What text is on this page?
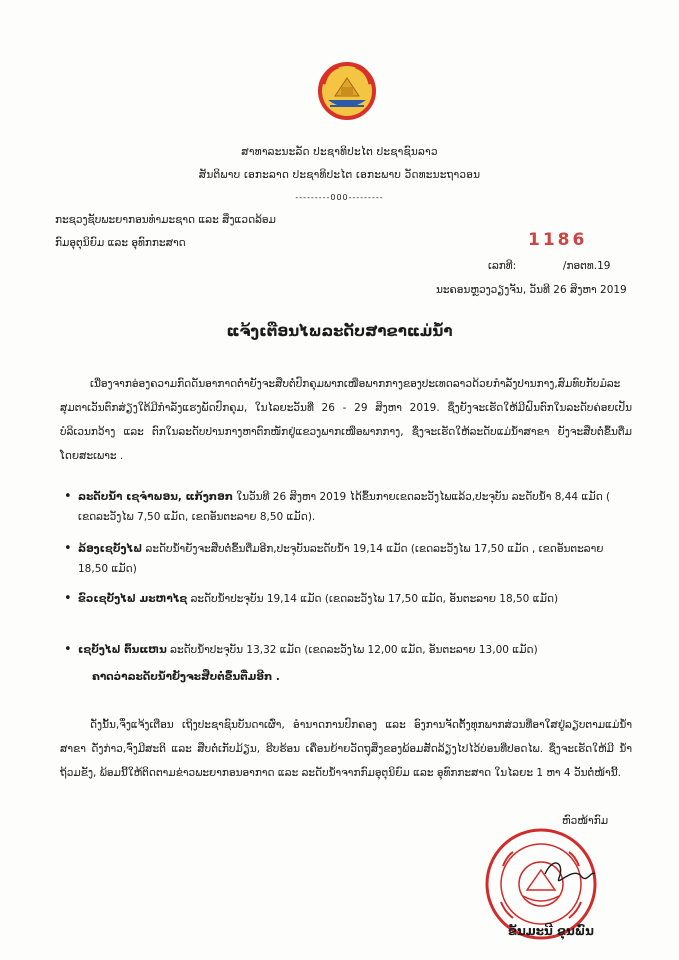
ສາທາລະນະລັດ ປະຊາທິປະໄຕ ປະຊາຊົນລາວ
ສັນຕິພາບ ເອກະລາດ ປະຊາທິປະໄຕ ເອກະພາບ ວັດທະນະຖາວອນ
---------000---------
ກະຊວງຊັບພະຍາກອນທຳມະຊາດ ແລະ ສິ່ງແວດລ້ອມ
ກົມອຸຕຸນິຍົມ ແລະ ອຸທົກກະສາດ	1186
ເລກທີ:	/ກອຕທ.19
ນະຄອນຫຼວງວຽງຈັນ, ວັນທີ 26 ສິງຫາ 2019
ແຈ້ງເຕືອນໄພລະດັບສາຂາແມ່ນໍ້າ
ເນື່ອງຈາກອ່ອງຄວາມກົດດັນອາກາດຕ່ຳຍັງຈະສືບຕໍ່ປົກຄຸມພາກເໜືອພາກກາງຂອງປະເທດລາວດ້ວຍກຳລັງປານກາງ,ສົມທົບກັບມໍລະສຸມຕາເວັນຕົກສ່ຽງໃຕ້ມີກຳລັງແຮງພັດປົກຄຸມ, ໃນໄລຍະວັນທີ່ 26 - 29 ສິງຫາ 2019. ຊຶ່ງຍັງຈະເຮັດໃຫ້ມີຝົນຕົກໃນລະດັບຄ່ອຍເປັນບໍລິເວນກວ້າງ ແລະ ຕົກໃນລະດັບປານກາງຫາຕົກໜັກຢູ່ແຂວງພາກເໜືອພາກກາງ, ຊຶ່ງຈະເຮັດໃຫ້ລະດັບແມ່ນໍ້າສາຂາ ຍັງຈະສືບຕໍ່ຂຶ້ນຕື່ມ ໂດຍສະເພາະ .
• ລະດັບນໍ້າ ເຊຈຳພອນ, ແກ້ງກອກ ໃນວັນທີ 26 ສິງຫາ 2019 ໄດ້ຂຶ້ນກາຍເຂດລະວັງໄພແລ້ວ,ປະຈຸບັນ ລະດັບນໍ້າ 8,44 ແມັດ ( ເຂດລະວັງໄພ 7,50 ແມັດ, ເຂດອັນຕະລາຍ 8,50 ແມັດ).
• ລ້ອງເຊບັ້ງໄຟ ລະດັບນໍ້າຍັງຈະສືບຕໍ່ຂຶ້ນຕື່ມອີກ,ປະຈຸບັນລະດັບນໍ້າ 19,14 ແມັດ (ເຂດລະວັງໄພ 17,50 ແມັດ , ເຂດອັນຕະລາຍ 18,50 ແມັດ)
• ຂົວເຊບັ້ງໄຟ ມະຫາໄຊ ລະດັບນໍ້າປະຈຸບັນ 19,14 ແມັດ (ເຂດລະວັງໄພ 17,50 ແມັດ, ອັນຕະລາຍ 18,50 ແມັດ)
• ເຊບັ້ງໄຟ ຕົ້ນແຫນ ລະດັບນໍ້າປະຈຸບັນ 13,32 ແມັດ (ເຂດລະວັງໄພ 12,00 ແມັດ, ອັນຕະລາຍ 13,00 ແມັດ)
ຄາດວ່າລະດັບນໍ້າຍັງຈະສືບຕໍ່ຂຶ້ນຕື່ມອີກ .
ດັ່ງນັ້ນ,ຈຶ່ງແຈ້ງເຕືອນ ເຖິງປະຊາຊົນບັນດາເຜົ່າ, ອຳນາດການປົກຄອງ ແລະ ອົງການຈັດຕັ້ງທຸກພາກສ່ວນທີ່ອາໃສຢູ່ລຽບຕາມແມ່ນໍ້າສາຂາ ດັ່ງກ່າວ,ຈົ່ງມີສະຕິ ແລະ ສືບຕໍ່ເກັບມ້ຽນ, ຮີບຮ້ອນ ເຄື່ອນຍ້າຍວັດຖຸສິ່ງຂອງພ້ອມສັດລ້ຽງໄປໄວ້ບ່ອນທີ່ປອດໄພ. ຊຶ່ງຈະເຮັດໃຫ້ມີ ນໍ້າຖ້ວມຂັງ, ພ້ອມນີ້ໃຫ້ຕິດຕາມຂ່າວພະຍາກອນອາກາດ ແລະ ລະດັບນໍ້າຈາກກົມອຸຕຸນິຍົມ ແລະ ອຸທົກກະສາດ ໃນໄລຍະ 1 ຫາ 4 ວັນຕໍ່ໜ້ານີ້.
ຫົວໜ້າກົມ
ຂັນມະນີ ຂຸນພົນ
